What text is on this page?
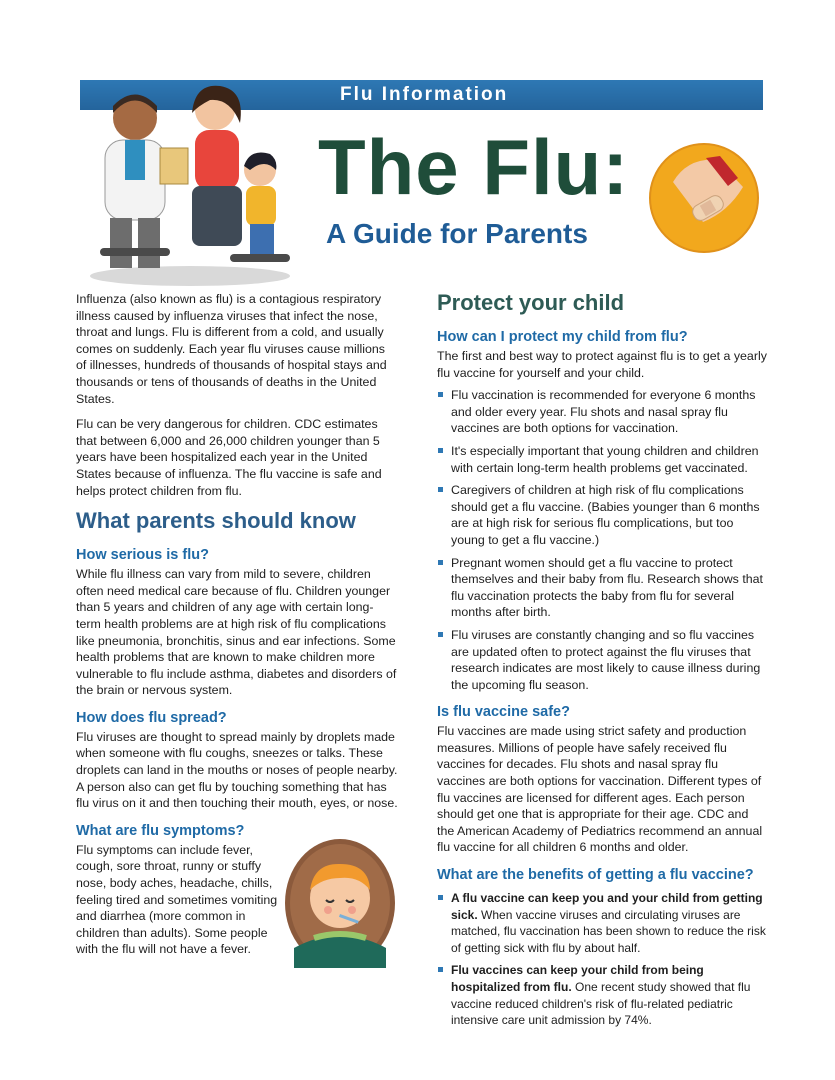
Flu Information
The Flu:
A Guide for Parents

Influenza (also known as flu) is a contagious respiratory illness caused by influenza viruses that infect the nose, throat and lungs. Flu is different from a cold, and usually comes on suddenly. Each year flu viruses cause millions of illnesses, hundreds of thousands of hospital stays and thousands or tens of thousands of deaths in the United States.

Flu can be very dangerous for children. CDC estimates that between 6,000 and 26,000 children younger than 5 years have been hospitalized each year in the United States because of influenza. The flu vaccine is safe and helps protect children from flu.

What parents should know
How serious is flu?

While flu illness can vary from mild to severe, children often need medical care because of flu. Children younger than 5 years and children of any age with certain long-term health problems are at high risk of flu complications like pneumonia, bronchitis, sinus and ear infections. Some health problems that are known to make children more vulnerable to flu include asthma, diabetes and disorders of the brain or nervous system.

How does flu spread?

Flu viruses are thought to spread mainly by droplets made when someone with flu coughs, sneezes or talks. These droplets can land in the mouths or noses of people nearby. A person also can get flu by touching something that has flu virus on it and then touching their mouth, eyes, or nose.

What are flu symptoms?

Flu symptoms can include fever, cough, sore throat, runny or stuffy nose, body aches, headache, chills, feeling tired and sometimes vomiting and diarrhea (more common in children than adults). Some people with the flu will not have a fever.

Protect your child
How can I protect my child from flu?

The first and best way to protect against flu is to get a yearly flu vaccine for yourself and your child.

Flu vaccination is recommended for everyone 6 months and older every year. Flu shots and nasal spray flu vaccines are both options for vaccination.
It's especially important that young children and children with certain long-term health problems get vaccinated.
Caregivers of children at high risk of flu complications should get a flu vaccine. (Babies younger than 6 months are at high risk for serious flu complications, but too young to get a flu vaccine.)
Pregnant women should get a flu vaccine to protect themselves and their baby from flu. Research shows that flu vaccination protects the baby from flu for several months after birth.
Flu viruses are constantly changing and so flu vaccines are updated often to protect against the flu viruses that research indicates are most likely to cause illness during the upcoming flu season.
Is flu vaccine safe?

Flu vaccines are made using strict safety and production measures. Millions of people have safely received flu vaccines for decades. Flu shots and nasal spray flu vaccines are both options for vaccination. Different types of flu vaccines are licensed for different ages. Each person should get one that is appropriate for their age. CDC and the American Academy of Pediatrics recommend an annual flu vaccine for all children 6 months and older.

What are the benefits of getting a flu vaccine?
A flu vaccine can keep you and your child from getting sick. When vaccine viruses and circulating viruses are matched, flu vaccination has been shown to reduce the risk of getting sick with flu by about half.
Flu vaccines can keep your child from being hospitalized from flu. One recent study showed that flu vaccine reduced children's risk of flu-related pediatric intensive care unit admission by 74%.
